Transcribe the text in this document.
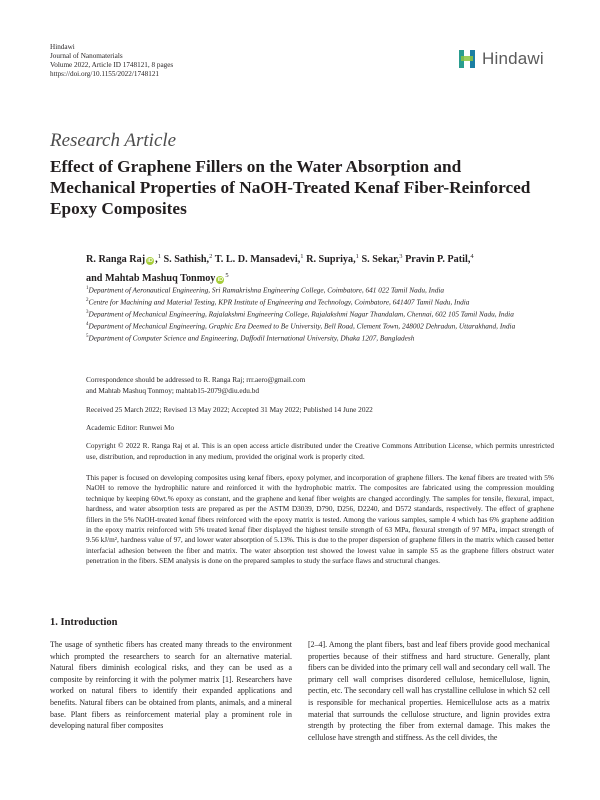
Hindawi
Journal of Nanomaterials
Volume 2022, Article ID 1748121, 8 pages
https://doi.org/10.1155/2022/1748121
Hindawi
Research Article
Effect of Graphene Fillers on the Water Absorption and Mechanical Properties of NaOH-Treated Kenaf Fiber-Reinforced Epoxy Composites
R. Ranga Raj iD ,$^1$ S. Sathish,$^2$ T. L. D. Mansadevi,$^1$ R. Supriya,$^1$ S. Sekar,$^3$ Pravin P. Patil,$^4$
and Mahtab Mashuq Tonmoy $iD^5$

$^1$Department of Aeronautical Engineering, Sri Ramakrishna Engineering College, Coimbatore, 641 022 Tamil Nadu, India

$^2$Centre for Machining and Material Testing, KPR Institute of Engineering and Technology, Coimbatore, 641407 Tamil Nadu, India

$^3$Department of Mechanical Engineering, Rajalakshmi Engineering College, Rajalakshmi Nagar Thandalam, Chennai, 602 105 Tamil Nadu, India

$^4$Department of Mechanical Engineering, Graphic Era Deemed to Be University, Bell Road, Clement Town, 248002 Dehradun, Uttarakhand, India

$^5$Department of Computer Science and Engineering, Daffodil International University, Dhaka 1207, Bangladesh

Correspondence should be addressed to R. Ranga Raj; rrr.aero@gmail.com
and Mahtab Mashuq Tonmoy; mahtab15-2079@diu.edu.bd
Received 25 March 2022; Revised 13 May 2022; Accepted 31 May 2022; Published 14 June 2022
Academic Editor: Runwei Mo
Copyright © 2022 R. Ranga Raj et al. This is an open access article distributed under the Creative Commons Attribution License, which permits unrestricted use, distribution, and reproduction in any medium, provided the original work is properly cited.
This paper is focused on developing composites using kenaf fibers, epoxy polymer, and incorporation of graphene fillers. The kenaf fibers are treated with 5% NaOH to remove the hydrophilic nature and reinforced it with the hydrophobic matrix. The composites are fabricated using the compression moulding technique by keeping 60wt.% epoxy as constant, and the graphene and kenaf fiber weights are changed accordingly. The samples for tensile, flexural, impact, hardness, and water absorption tests are prepared as per the ASTM D3039, D790, D256, D2240, and D572 standards, respectively. The effect of graphene fillers in the 5% NaOH-treated kenaf fibers reinforced with the epoxy matrix is tested. Among the various samples, sample 4 which has 6% graphene addition in the epoxy matrix reinforced with 5% treated kenaf fiber displayed the highest tensile strength of 63 MPa, flexural strength of 97 MPa, impact strength of 9.56 kJ/m², hardness value of 97, and lower water absorption of 5.13%. This is due to the proper dispersion of graphene fillers in the matrix which caused better interfacial adhesion between the fiber and matrix. The water absorption test showed the lowest value in sample S5 as the graphene fillers obstruct water penetration in the fibers. SEM analysis is done on the prepared samples to study the surface flaws and structural changes.
1. Introduction
The usage of synthetic fibers has created many threads to the environment which prompted the researchers to search for an alternative material. Natural fibers diminish ecological risks, and they can be used as a composite by reinforcing it with the polymer matrix [1]. Researchers have worked on natural fibers to identify their expanded applications and benefits. Natural fibers can be obtained from plants, animals, and a mineral base. Plant fibers as reinforcement material play a prominent role in developing natural fiber composites
[2–4]. Among the plant fibers, bast and leaf fibers provide good mechanical properties because of their stiffness and hard structure. Generally, plant fibers can be divided into the primary cell wall and secondary cell wall. The primary cell wall comprises disordered cellulose, hemicellulose, lignin, pectin, etc. The secondary cell wall has crystalline cellulose in which S2 cell is responsible for mechanical properties. Hemicellulose acts as a matrix material that surrounds the cellulose structure, and lignin provides extra strength by protecting the fiber from external damage. This makes the cellulose have strength and stiffness. As the cell divides, the
